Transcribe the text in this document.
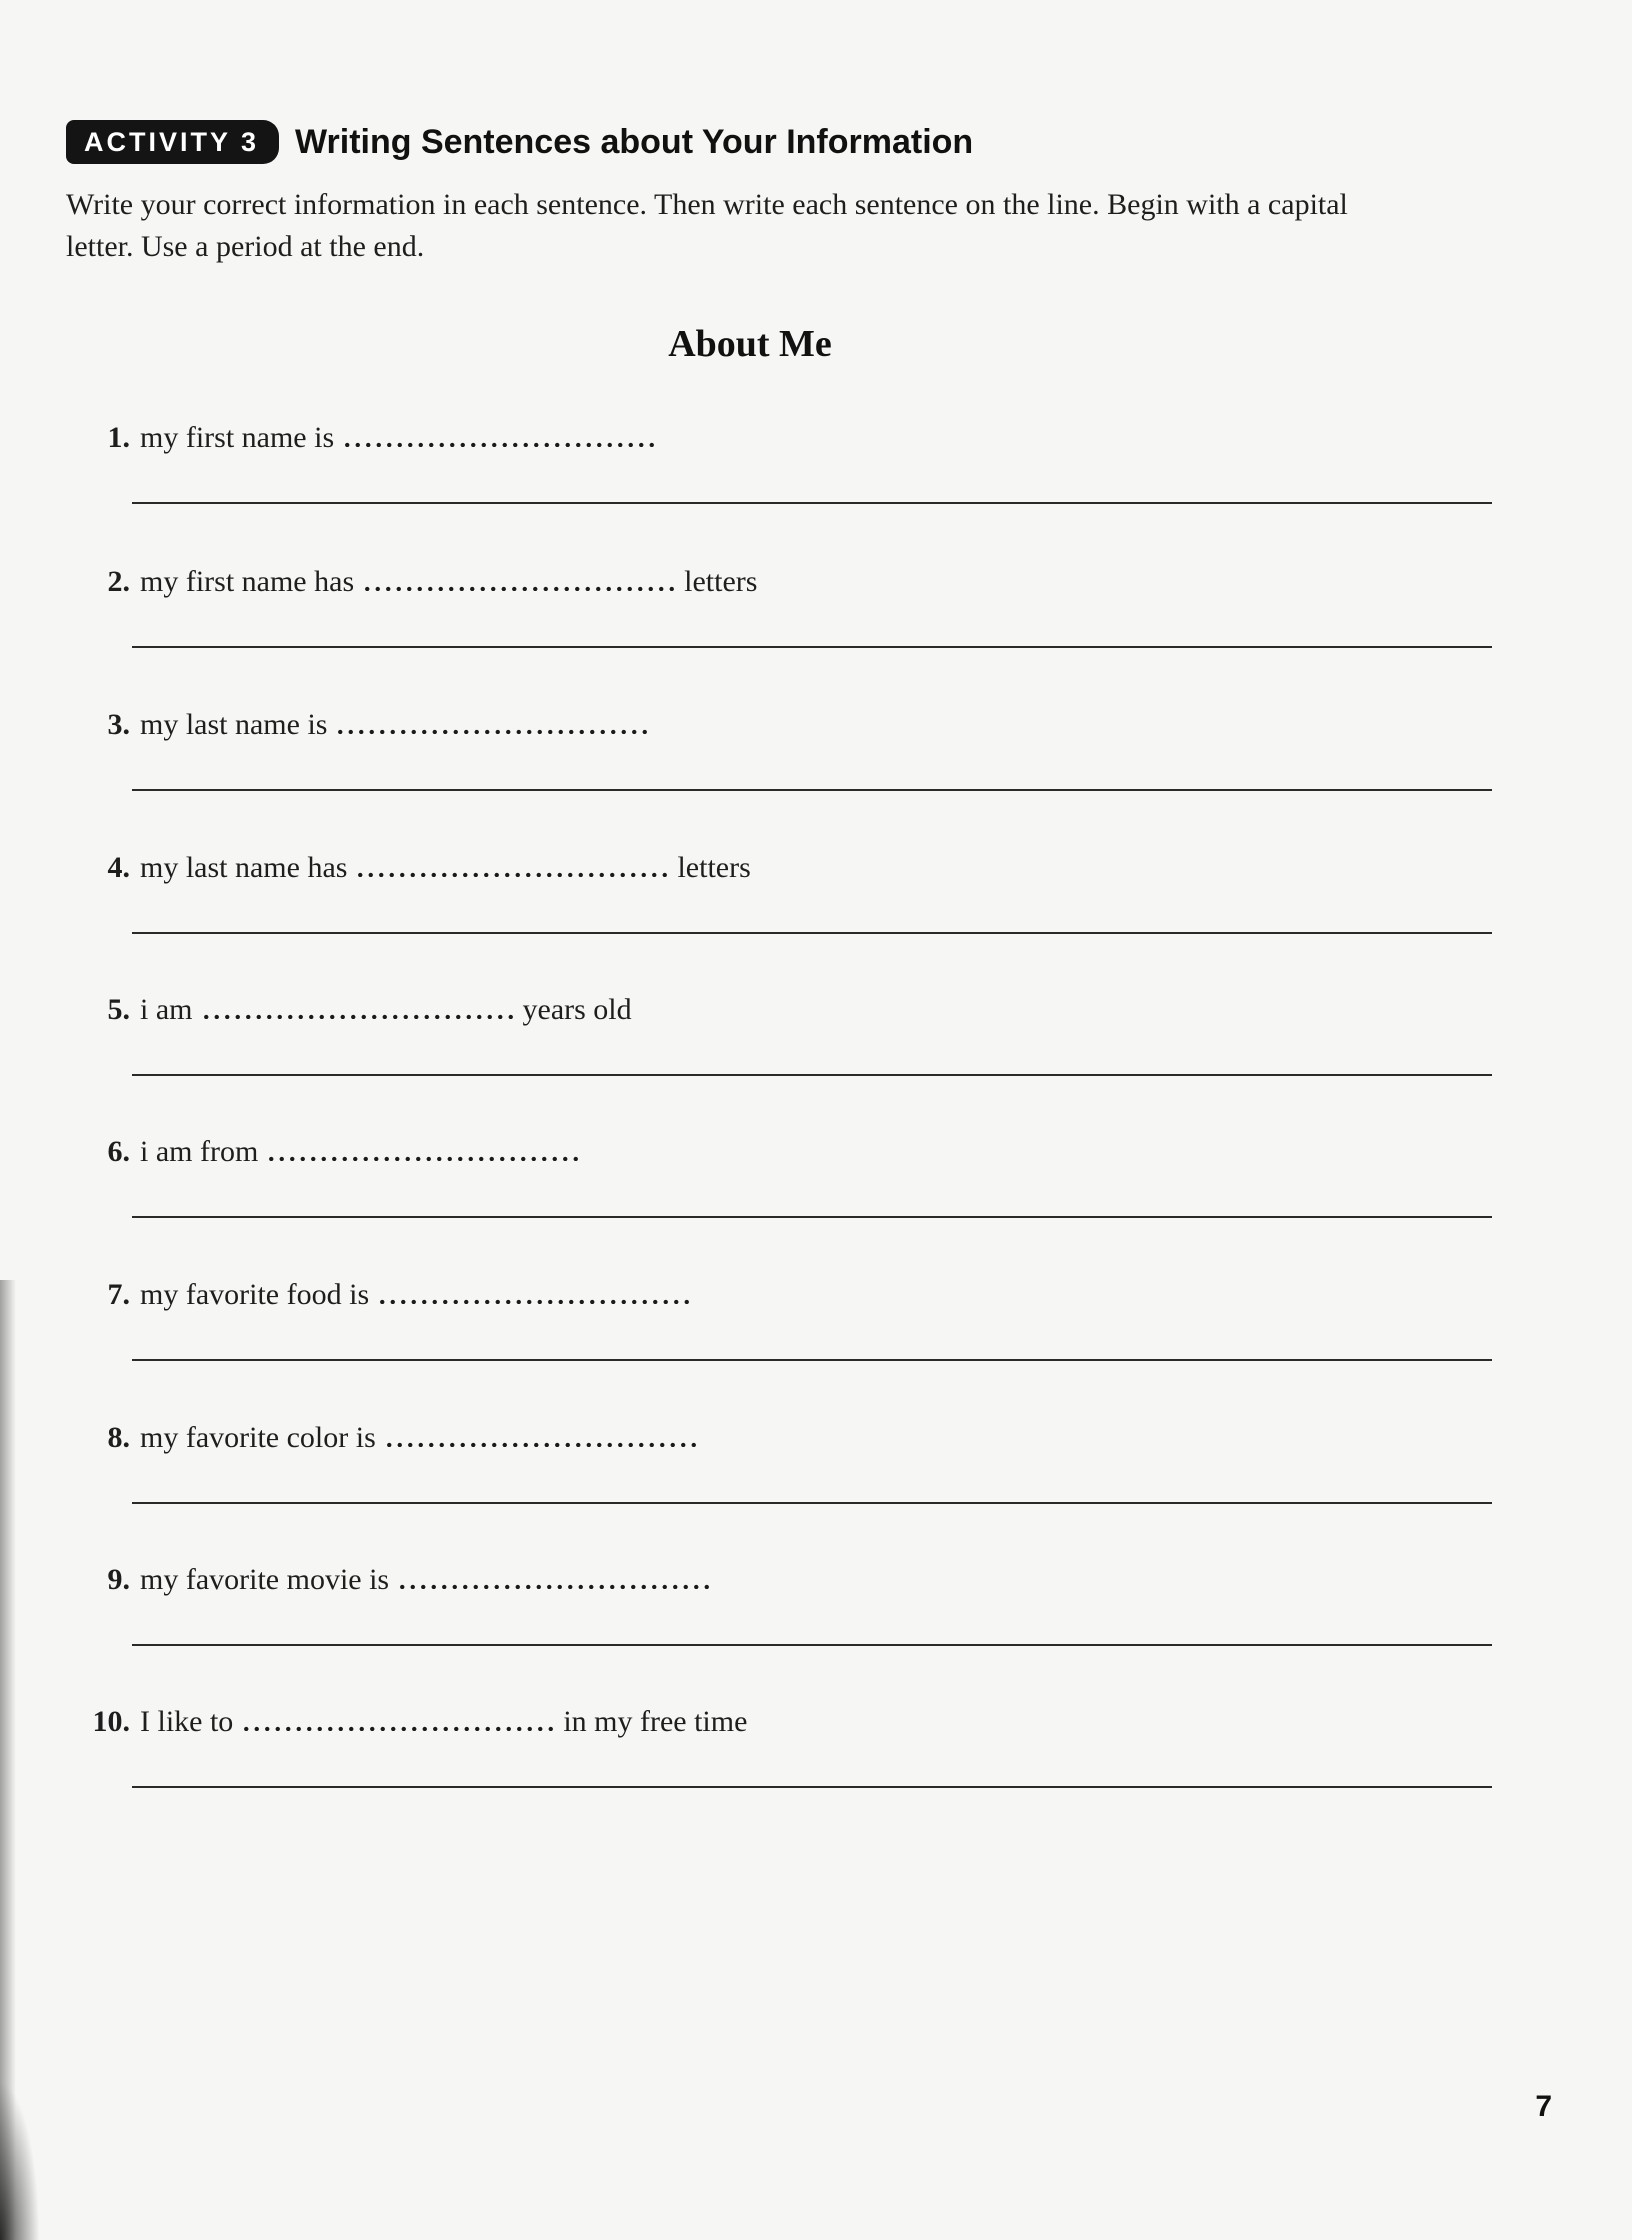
ACTIVITY 3	Writing Sentences about Your Information
Write your correct information in each sentence. Then write each sentence on the line. Begin with a capital letter. Use a period at the end.
About Me
1. my first name is
2. my first name has	letters
3. my last name is
4. my last name has	letters
5. i am	years old
6. i am from
7. my favorite food is
8. my favorite color is
9. my favorite movie is
10. I like to	in my free time
7
